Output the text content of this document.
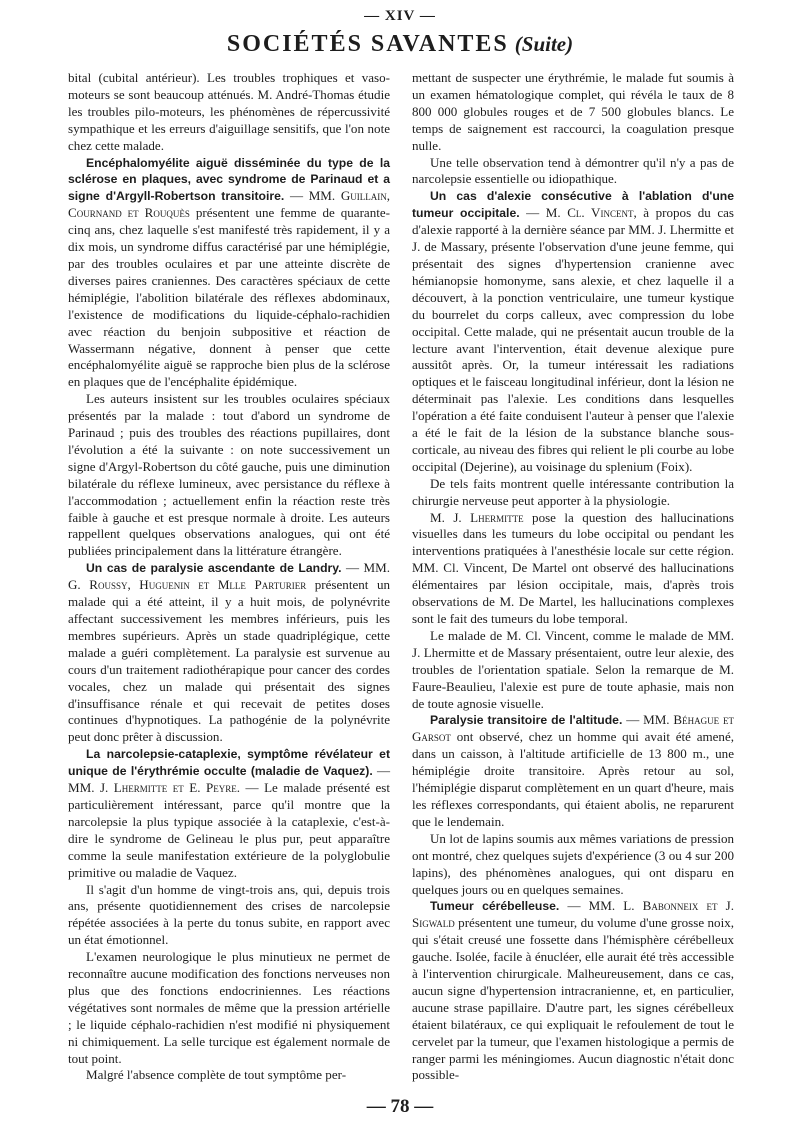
— XIV —
SOCIÉTÉS SAVANTES (Suite)

bital (cubital antérieur). Les troubles trophiques et vaso-moteurs se sont beaucoup atténués. M. André-Thomas étudie les troubles pilo-moteurs, les phénomènes de répercussivité sympathique et les erreurs d'aiguillage sensitifs, que l'on note chez cette malade.

Encéphalomyélite aiguë disséminée du type de la sclérose en plaques, avec syndrome de Parinaud et a signe d'Argyll-Robertson transitoire. — MM. Guillain, Cournand et Rouquès présentent une femme de quarante-cinq ans, chez laquelle s'est manifesté très rapidement, il y a dix mois, un syndrome diffus caractérisé par une hémiplégie, par des troubles oculaires et par une atteinte discrète de diverses paires craniennes. Des caractères spéciaux de cette hémiplégie, l'abolition bilatérale des réflexes abdominaux, l'existence de modifications du liquide-céphalo-rachidien avec réaction du benjoin subpositive et réaction de Wassermann négative, donnent à penser que cette encéphalomyélite aiguë se rapproche bien plus de la sclérose en plaques que de l'encéphalite épidémique.

Les auteurs insistent sur les troubles oculaires spéciaux présentés par la malade : tout d'abord un syndrome de Parinaud ; puis des troubles des réactions pupillaires, dont l'évolution a été la suivante : on note successivement un signe d'Argyl-Robertson du côté gauche, puis une diminution bilatérale du réflexe lumineux, avec persistance du réflexe à l'accommodation ; actuellement enfin la réaction reste très faible à gauche et est presque normale à droite. Les auteurs rappellent quelques observations analogues, qui ont été publiées principalement dans la littérature étrangère.

Un cas de paralysie ascendante de Landry. — MM. G. Roussy, Huguenin et Mlle Parturier présentent un malade qui a été atteint, il y a huit mois, de polynévrite affectant successivement les membres inférieurs, puis les membres supérieurs. Après un stade quadriplégique, cette malade a guéri complètement. La paralysie est survenue au cours d'un traitement radiothérapique pour cancer des cordes vocales, chez un malade qui présentait des signes d'insuffisance rénale et qui recevait de petites doses continues d'hypnotiques. La pathogénie de la polynévrite peut donc prêter à discussion.

La narcolepsie-cataplexie, symptôme révélateur et unique de l'érythrémie occulte (maladie de Vaquez). — MM. J. Lhermitte et E. Peyre. — Le malade présenté est particulièrement intéressant, parce qu'il montre que la narcolepsie la plus typique associée à la cataplexie, c'est-à-dire le syndrome de Gelineau le plus pur, peut apparaître comme la seule manifestation extérieure de la polyglobulie primitive ou maladie de Vaquez.

Il s'agit d'un homme de vingt-trois ans, qui, depuis trois ans, présente quotidiennement des crises de narcolepsie répétée associées à la perte du tonus subite, en rapport avec un état émotionnel.

L'examen neurologique le plus minutieux ne permet de reconnaître aucune modification des fonctions nerveuses non plus que des fonctions endocriniennes. Les réactions végétatives sont normales de même que la pression artérielle ; le liquide céphalo-rachidien n'est modifié ni physiquement ni chimiquement. La selle turcique est également normale de tout point.

Malgré l'absence complète de tout symptôme per-

mettant de suspecter une érythrémie, le malade fut soumis à un examen hématologique complet, qui révéla le taux de 8 800 000 globules rouges et de 7 500 globules blancs. Le temps de saignement est raccourci, la coagulation presque nulle.

Une telle observation tend à démontrer qu'il n'y a pas de narcolepsie essentielle ou idiopathique.

Un cas d'alexie consécutive à l'ablation d'une tumeur occipitale. — M. Cl. Vincent, à propos du cas d'alexie rapporté à la dernière séance par MM. J. Lhermitte et J. de Massary, présente l'observation d'une jeune femme, qui présentait des signes d'hypertension cranienne avec hémianopsie homonyme, sans alexie, et chez laquelle il a découvert, à la ponction ventriculaire, une tumeur kystique du bourrelet du corps calleux, avec compression du lobe occipital. Cette malade, qui ne présentait aucun trouble de la lecture avant l'intervention, était devenue alexique pure aussitôt après. Or, la tumeur intéressait les radiations optiques et le faisceau longitudinal inférieur, dont la lésion ne déterminait pas l'alexie. Les conditions dans lesquelles l'opération a été faite conduisent l'auteur à penser que l'alexie a été le fait de la lésion de la substance blanche sous-corticale, au niveau des fibres qui relient le pli courbe au lobe occipital (Dejerine), au voisinage du splenium (Foix).

De tels faits montrent quelle intéressante contribution la chirurgie nerveuse peut apporter à la physiologie.

M. J. Lhermitte pose la question des hallucinations visuelles dans les tumeurs du lobe occipital ou pendant les interventions pratiquées à l'anesthésie locale sur cette région. MM. Cl. Vincent, De Martel ont observé des hallucinations élémentaires par lésion occipitale, mais, d'après trois observations de M. De Martel, les hallucinations complexes sont le fait des tumeurs du lobe temporal.

Le malade de M. Cl. Vincent, comme le malade de MM. J. Lhermitte et de Massary présentaient, outre leur alexie, des troubles de l'orientation spatiale. Selon la remarque de M. Faure-Beaulieu, l'alexie est pure de toute aphasie, mais non de toute agnosie visuelle.

Paralysie transitoire de l'altitude. — MM. Béhague et Garsot ont observé, chez un homme qui avait été amené, dans un caisson, à l'altitude artificielle de 13 800 m., une hémiplégie droite transitoire. Après retour au sol, l'hémiplégie disparut complètement en un quart d'heure, mais les réflexes correspondants, qui étaient abolis, ne reparurent que le lendemain.

Un lot de lapins soumis aux mêmes variations de pression ont montré, chez quelques sujets d'expérience (3 ou 4 sur 200 lapins), des phénomènes analogues, qui ont disparu en quelques jours ou en quelques semaines.

Tumeur cérébelleuse. — MM. L. Babonneix et J. Sigwald présentent une tumeur, du volume d'une grosse noix, qui s'était creusé une fossette dans l'hémisphère cérébelleux gauche. Isolée, facile à énucléer, elle aurait été très accessible à l'intervention chirurgicale. Malheureusement, dans ce cas, aucun signe d'hypertension intracranienne, et, en particulier, aucune strase papillaire. D'autre part, les signes cérébelleux étaient bilatéraux, ce qui expliquait le refoulement de tout le cervelet par la tumeur, que l'examen histologique a permis de ranger parmi les méningiomes. Aucun diagnostic n'était donc possible-

— 78 —
